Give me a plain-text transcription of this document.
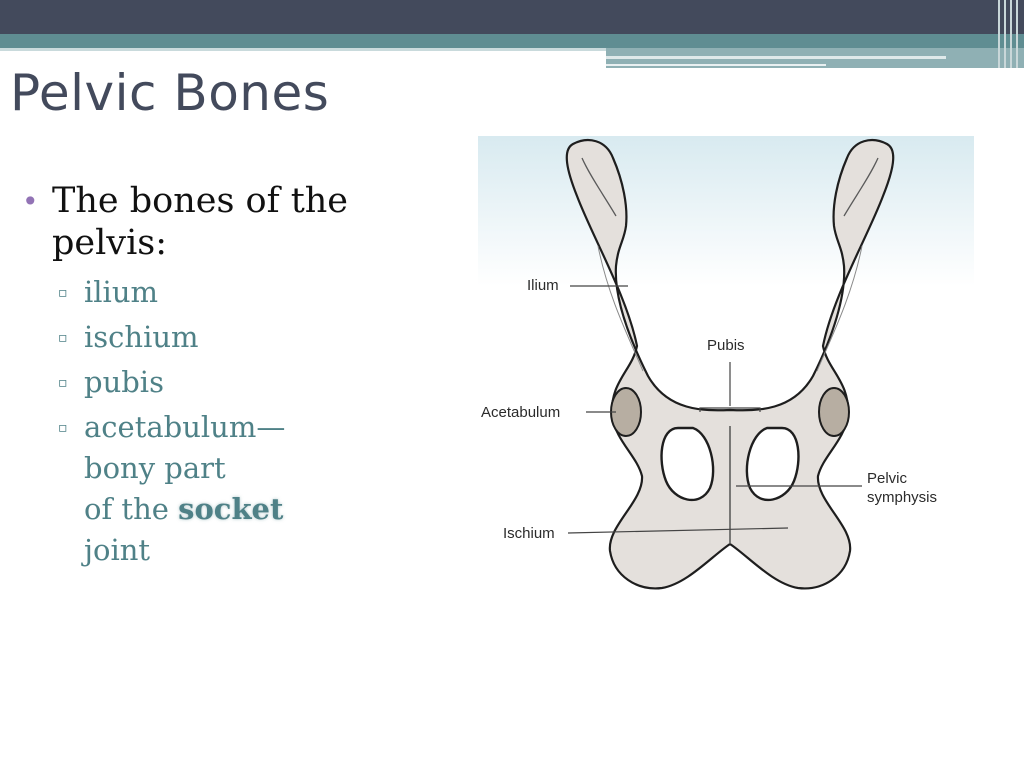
Pelvic Bones
• The bones of the pelvis:
▫ ilium
▫ ischium
▫ pubis
▫ acetabulum—
bony part
of the socket
joint
Ilium
Pubis
Acetabulum
Pelvic
symphysis
Ischium
